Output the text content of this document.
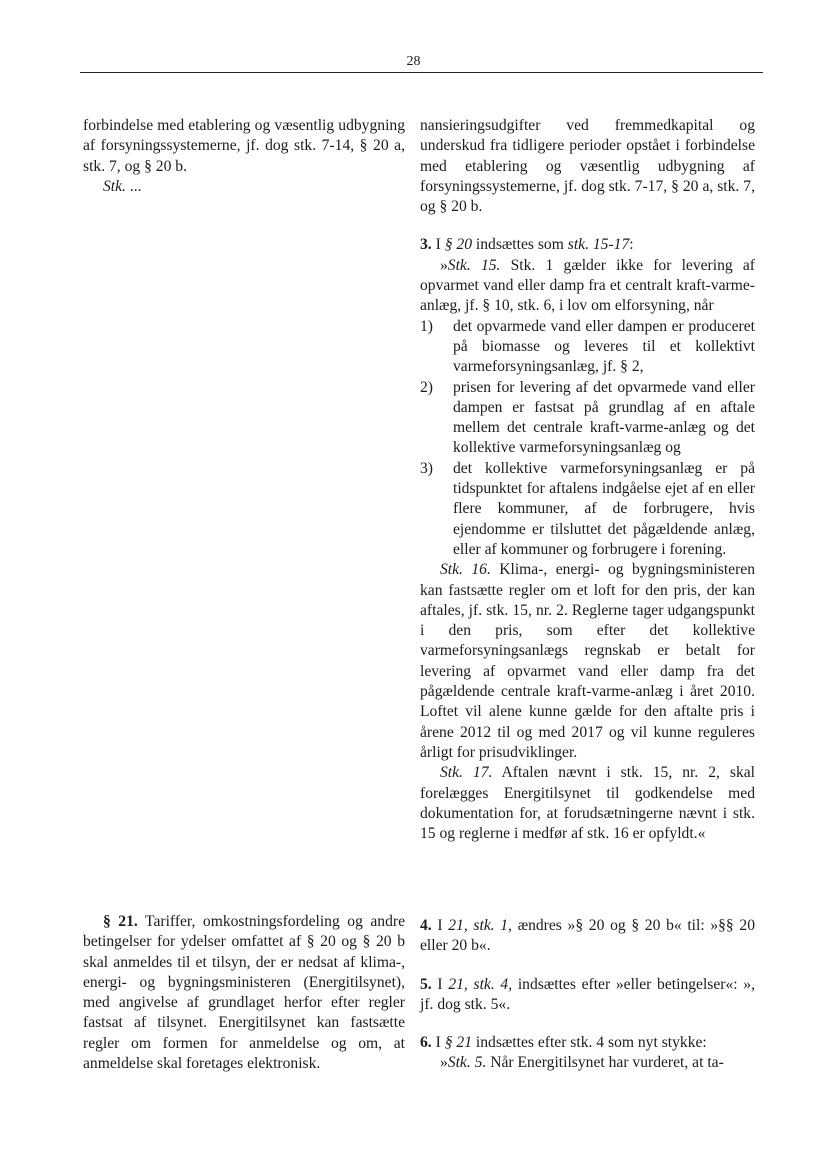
28

forbindelse med etablering og væsentlig udbygning af forsyningssystemerne, jf. dog stk. 7-14, § 20 a, stk. 7, og § 20 b.

Stk. ...

nansieringsudgifter ved fremmedkapital og underskud fra tidligere perioder opstået i forbindelse med etablering og væsentlig udbygning af forsyningssystemerne, jf. dog stk. 7-17, § 20 a, stk. 7, og § 20 b.

3. I § 20 indsættes som stk. 15-17:

»Stk. 15. Stk. 1 gælder ikke for levering af opvarmet vand eller damp fra et centralt kraft-varme-anlæg, jf. § 10, stk. 6, i lov om elforsyning, når

1)	det opvarmede vand eller dampen er produceret på biomasse og leveres til et kollektivt varmeforsyningsanlæg, jf. § 2,
2)	prisen for levering af det opvarmede vand eller dampen er fastsat på grundlag af en aftale mellem det centrale kraft-varme-anlæg og det kollektive varmeforsyningsanlæg og
3)	det kollektive varmeforsyningsanlæg er på tidspunktet for aftalens indgåelse ejet af en eller flere kommuner, af de forbrugere, hvis ejendomme er tilsluttet det pågældende anlæg, eller af kommuner og forbrugere i forening.

Stk. 16. Klima-, energi- og bygningsministeren kan fastsætte regler om et loft for den pris, der kan aftales, jf. stk. 15, nr. 2. Reglerne tager udgangspunkt i den pris, som efter det kollektive varmeforsyningsanlægs regnskab er betalt for levering af opvarmet vand eller damp fra det pågældende centrale kraft-varme-anlæg i året 2010. Loftet vil alene kunne gælde for den aftalte pris i årene 2012 til og med 2017 og vil kunne reguleres årligt for prisudviklinger.

Stk. 17. Aftalen nævnt i stk. 15, nr. 2, skal forelægges Energitilsynet til godkendelse med dokumentation for, at forudsætningerne nævnt i stk. 15 og reglerne i medfør af stk. 16 er opfyldt.«

§ 21. Tariffer, omkostningsfordeling og andre betingelser for ydelser omfattet af § 20 og § 20 b skal anmeldes til et tilsyn, der er nedsat af klima-, energi- og bygningsministeren (Energitilsynet), med angivelse af grundlaget herfor efter regler fastsat af tilsynet. Energitilsynet kan fastsætte regler om formen for anmeldelse og om, at anmeldelse skal foretages elektronisk.

4. I 21, stk. 1, ændres »§ 20 og § 20 b« til: »§§ 20 eller 20 b«.

5. I 21, stk. 4, indsættes efter »eller betingelser«: », jf. dog stk. 5«.

6. I § 21 indsættes efter stk. 4 som nyt stykke:

»Stk. 5. Når Energitilsynet har vurderet, at ta-
